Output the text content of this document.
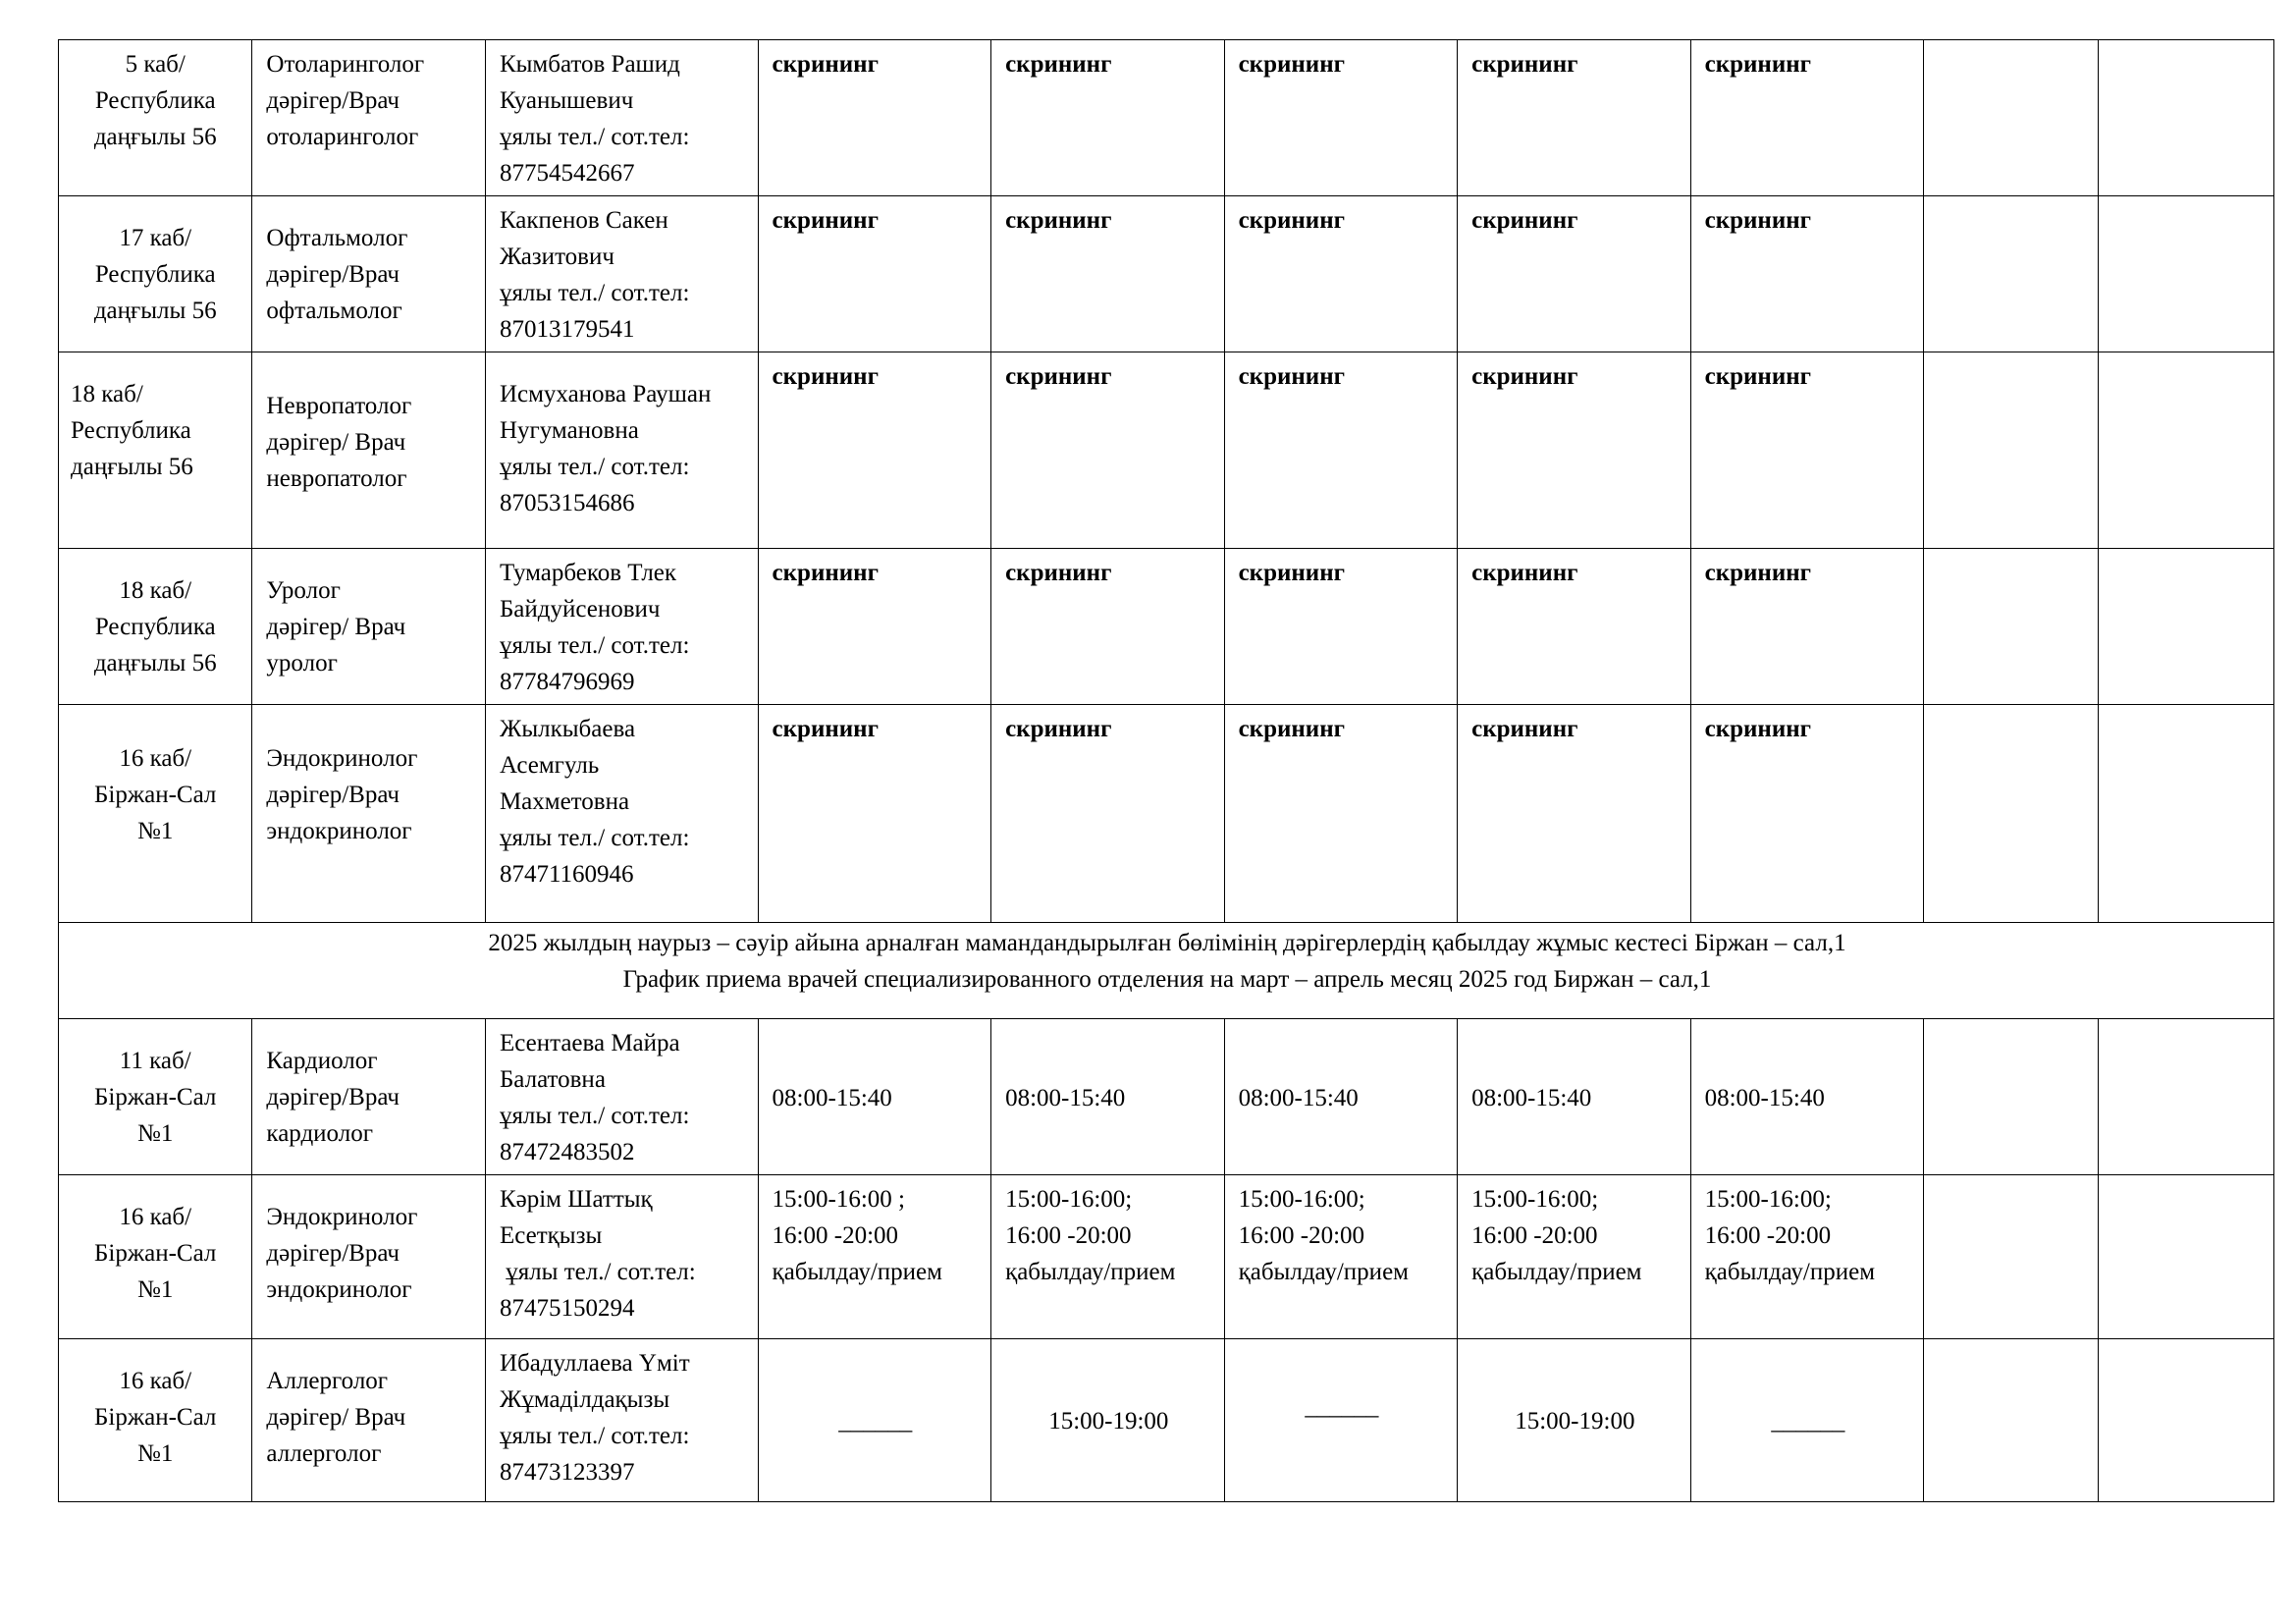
5 каб/
Республика
даңғылы 56	Отоларинголог
дәрігер/Врач
отоларинголог	Кымбатов Рашид
Куанышевич
ұялы тел./ сот.тел:
87754542667	скрининг	скрининг	скрининг	скрининг	скрининг		

17 каб/
Республика
даңғылы 56	Офтальмолог
дәрігер/Врач
офтальмолог	Какпенов Сакен
Жазитович
ұялы тел./ сот.тел:
87013179541	скрининг	скрининг	скрининг	скрининг	скрининг		

18 каб/
Республика
даңғылы 56	Невропатолог
дәрігер/ Врач
невропатолог	Исмуханова Раушан
Нугумановна
ұялы тел./ сот.тел:
87053154686	скрининг	скрининг	скрининг	скрининг	скрининг		

18 каб/
Республика
даңғылы 56	Уролог
дәрігер/ Врач
уролог	Тумарбеков Тлек
Байдуйсенович
ұялы тел./ сот.тел:
87784796969	скрининг	скрининг	скрининг	скрининг	скрининг		

16 каб/
Біржан-Сал
№1	Эндокринолог
дәрігер/Врач
эндокринолог	Жылкыбаева
Асемгуль
Махметовна
ұялы тел./ сот.тел:
87471160946	скрининг	скрининг	скрининг	скрининг	скрининг		

2025 жылдың наурыз – сәуір айына арналған мамандандырылған бөлімінің дәрігерлердің қабылдау жұмыс кестесі Біржан – сал,1
График приема врачей специализированного отделения на март – апрель месяц 2025 год Биржан – сал,1									

11 каб/
Біржан-Сал
№1	Кардиолог
дәрігер/Врач
кардиолог	Есентаева Майра
Балатовна
ұялы тел./ сот.тел:
87472483502	08:00-15:40	08:00-15:40	08:00-15:40	08:00-15:40	08:00-15:40		

16 каб/
Біржан-Сал
№1	Эндокринолог
дәрігер/Врач
эндокринолог	Кәрім Шаттық
Есетқызы
ұялы тел./ сот.тел:
87475150294	15:00-16:00 ;
16:00 -20:00
қабылдау/прием	15:00-16:00;
16:00 -20:00
қабылдау/прием	15:00-16:00;
16:00 -20:00
қабылдау/прием	15:00-16:00;
16:00 -20:00
қабылдау/прием	15:00-16:00;
16:00 -20:00
қабылдау/прием		

16 каб/
Біржан-Сал
№1	Аллерголог
дәрігер/ Врач
аллерголог	Ибадуллаева Үміт
Жұмаділдақызы
ұялы тел./ сот.тел:
87473123397	______	15:00-19:00	______	15:00-19:00	______		
